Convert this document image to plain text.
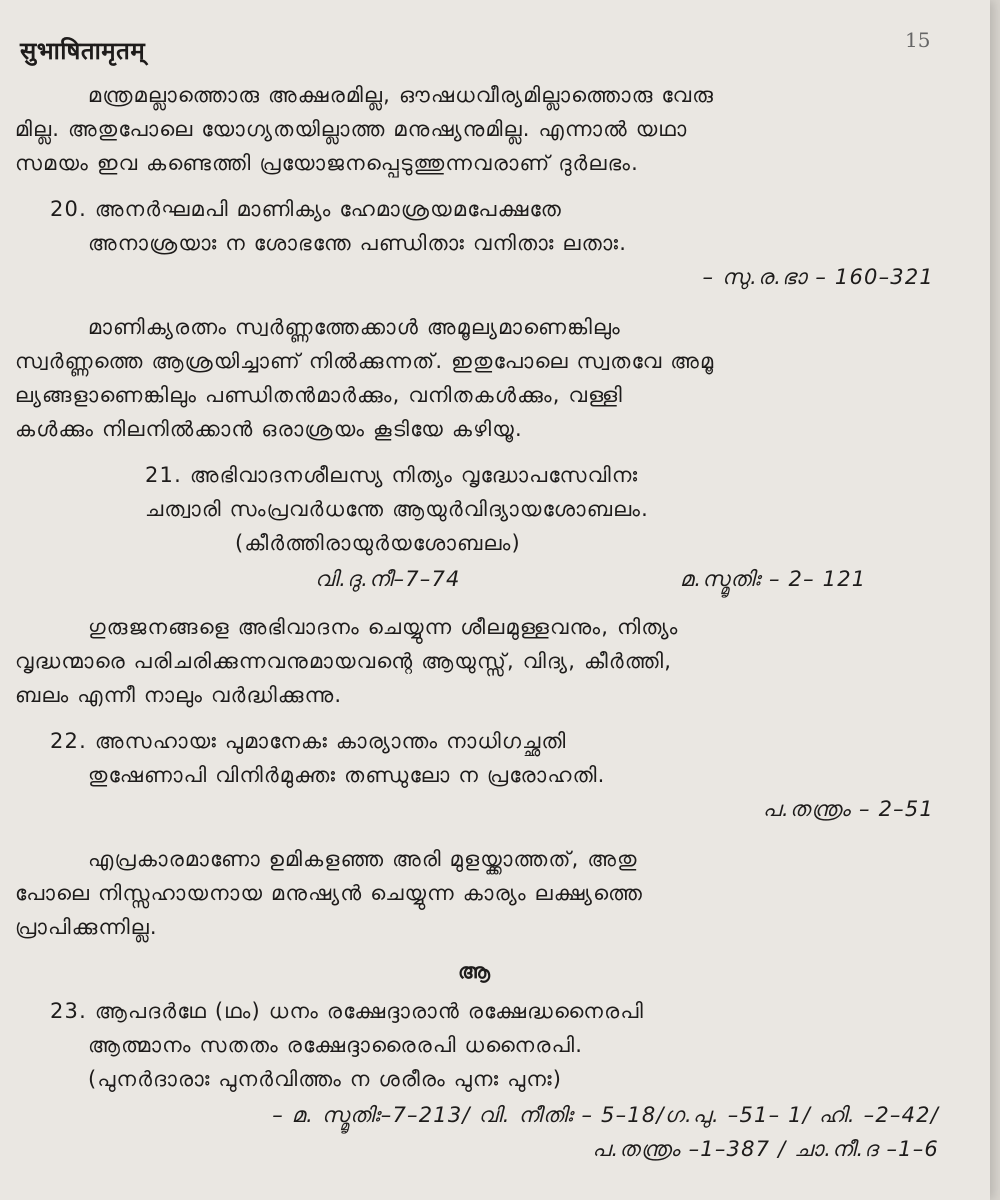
सुभाषितामृतम्	15
മന്ത്രമല്ലാത്തൊരു അക്ഷരമില്ല, ഔഷധവീര്യമില്ലാത്തൊരു വേരു
മില്ല. അതുപോലെ യോഗ്യതയില്ലാത്ത മനുഷ്യനുമില്ല. എന്നാൽ യഥാ
സമയം ഇവ കണ്ടെത്തി പ്രയോജനപ്പെടുത്തുന്നവരാണ് ദുർലഭം.
20. അനർഘമപി മാണിക്യം ഹേമാശ്രയമപേക്ഷതേ
അനാശ്രയാഃ ന ശോഭന്തേ പണ്ഡിതാഃ വനിതാഃ ലതാഃ.
– സു.ര.ഭാ – 160–321
മാണിക്യരത്നം സ്വർണ്ണത്തേക്കാൾ അമൂല്യമാണെങ്കിലും
സ്വർണ്ണത്തെ ആശ്രയിച്ചാണ് നിൽക്കുന്നത്. ഇതുപോലെ സ്വതവേ അമൂ
ല്യങ്ങളാണെങ്കിലും പണ്ഡിതൻമാർക്കും, വനിതകൾക്കും, വള്ളി
കൾക്കും നിലനിൽക്കാൻ ഒരാശ്രയം കൂടിയേ കഴിയൂ.
21. അഭിവാദനശീലസ്യ നിത്യം വൃദ്ധോപസേവിനഃ
ചത്വാരി സംപ്രവർധന്തേ ആയുർവിദ്യായശോബലം.
(കീർത്തിരായുർയശോബലം)
വി.ദു.നീ–7–74	മ.സ്മൃതിഃ – 2– 121
ഗുരുജനങ്ങളെ അഭിവാദനം ചെയ്യുന്ന ശീലമുള്ളവനും, നിത്യം
വൃദ്ധന്മാരെ പരിചരിക്കുന്നവനുമായവന്റെ ആയുസ്സ്, വിദ്യ, കീർത്തി,
ബലം എന്നീ നാലും വർദ്ധിക്കുന്നു.
22. അസഹായഃ പുമാനേകഃ കാര്യാന്തം നാധിഗച്ഛതി
തുഷേണാപി വിനിർമുക്തഃ തണ്ഡുലോ ന പ്രരോഹതി.
പ.തന്ത്രം – 2–51
എപ്രകാരമാണോ ഉമികളഞ്ഞ അരി മുളയ്ക്കാത്തത്, അതു
പോലെ നിസ്സഹായനായ മനുഷ്യൻ ചെയ്യുന്ന കാര്യം ലക്ഷ്യത്തെ
പ്രാപിക്കുന്നില്ല.
ആ
23. ആപദർഥേ (ഥം) ധനം രക്ഷേദ്ദാരാൻ രക്ഷേദ്ധനൈരപി
ആത്മാനം സതതം രക്ഷേദ്ദാരൈരപി ധനൈരപി.
(പുനർദാരാഃ പുനർവിത്തം ന ശരീരം പുനഃ പുനഃ)
– മ. സ്മൃതിഃ–7–213/ വി. നീതിഃ – 5–18/ഗ.പു. –51– 1/ ഹി. –2–42/
പ.തന്ത്രം –1–387 / ചാ.നീ.ദ –1–6
